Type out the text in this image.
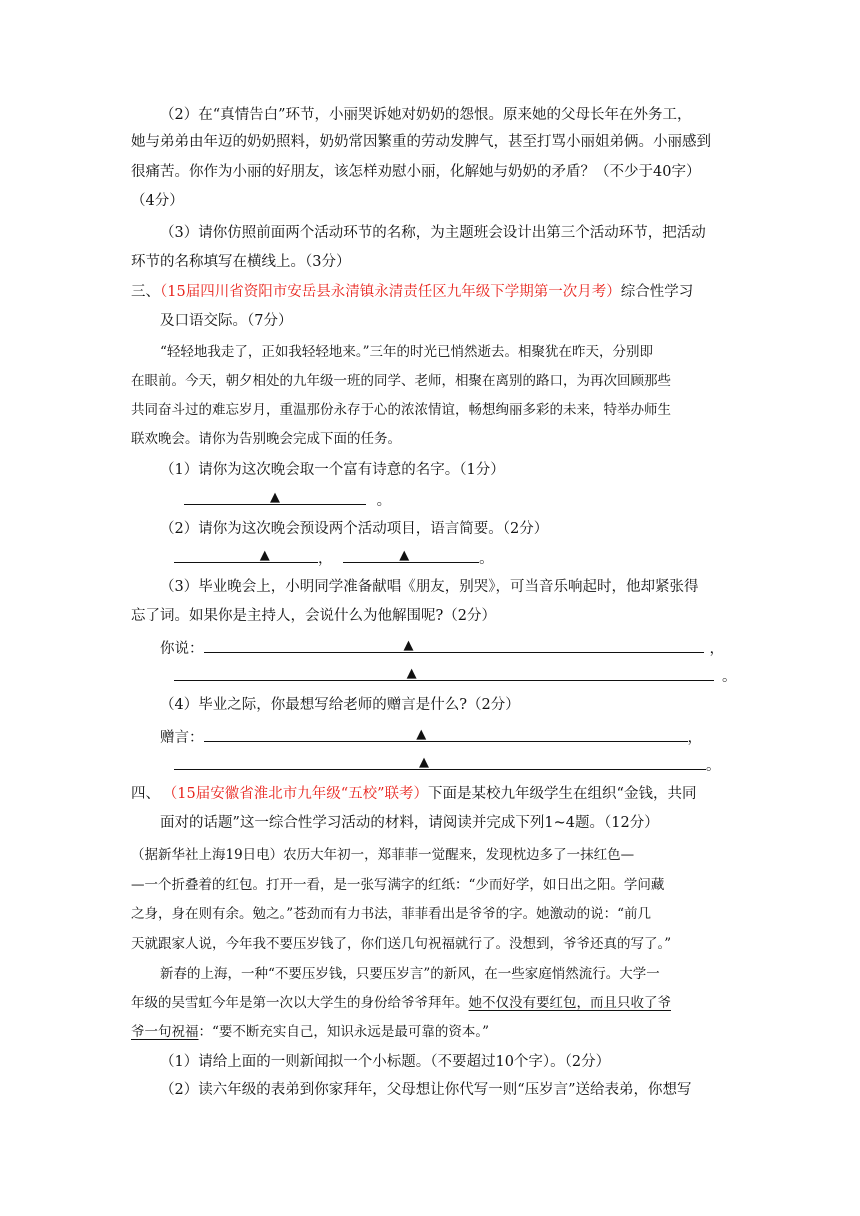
（2）在“真情告白”环节，小丽哭诉她对奶奶的怨恨。原来她的父母长年在外务工，
她与弟弟由年迈的奶奶照料，奶奶常因繁重的劳动发脾气，甚至打骂小丽姐弟俩。小丽感到
很痛苦。你作为小丽的好朋友，该怎样劝慰小丽，化解她与奶奶的矛盾？（不少于40字）
（4分）
（3）请你仿照前面两个活动环节的名称，为主题班会设计出第三个活动环节，把活动
环节的名称填写在横线上。（3分）
三、（15届四川省资阳市安岳县永清镇永清责任区九年级下学期第一次月考）综合性学习
及口语交际。（7分）
“轻轻地我走了，正如我轻轻地来。”三年的时光已悄然逝去。相聚犹在昨天，分别即
在眼前。今天，朝夕相处的九年级一班的同学、老师，相聚在离别的路口，为再次回顾那些
共同奋斗过的难忘岁月，重温那份永存于心的浓浓情谊，畅想绚丽多彩的未来，特举办师生
联欢晚会。请你为告别晚会完成下面的任务。
（1）请你为这次晚会取一个富有诗意的名字。（1分）
▲	。
（2）请你为这次晚会预设两个活动项目，语言简要。（2分）
▲	，	▲	。
（3）毕业晚会上，小明同学准备献唱《朋友，别哭》，可当音乐响起时，他却紧张得
忘了词。如果你是主持人，会说什么为他解围呢?（2分）
你说：	▲	，
▲	。
（4）毕业之际，你最想写给老师的赠言是什么?（2分）
赠言：	▲	，
▲	。
四、 （15届安徽省淮北市九年级“五校”联考）下面是某校九年级学生在组织“金钱，共同
面对的话题”这一综合性学习活动的材料，请阅读并完成下列1~4题。（12分）
（据新华社上海19日电）农历大年初一，郑菲菲一觉醒来，发现枕边多了一抹红色—
—一个折叠着的红包。打开一看，是一张写满字的红纸：“少而好学，如日出之阳。学问藏
之身，身在则有余。勉之。”苍劲而有力书法，菲菲看出是爷爷的字。她激动的说：“前几
天就跟家人说，今年我不要压岁钱了，你们送几句祝福就行了。没想到，爷爷还真的写了。”
新春的上海，一种“不要压岁钱，只要压岁言”的新风，在一些家庭悄然流行。大学一
年级的吴雪虹今年是第一次以大学生的身份给爷爷拜年。她不仅没有要红包，而且只收了爷
爷一句祝福：“要不断充实自己，知识永远是最可靠的资本。”
（1）请给上面的一则新闻拟一个小标题。（不要超过10个字）。（2分）
（2）读六年级的表弟到你家拜年，父母想让你代写一则“压岁言”送给表弟，你想写
